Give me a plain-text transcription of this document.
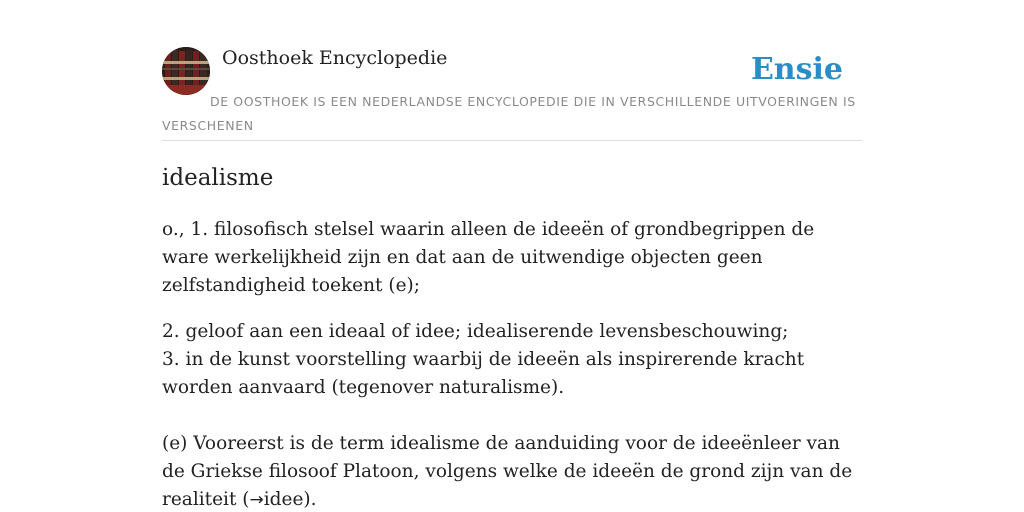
Oosthoek Encyclopedie	Ensie
DE OOSTHOEK IS EEN NEDERLANDSE ENCYCLOPEDIE DIE IN VERSCHILLENDE UITVOERINGEN IS VERSCHENEN
idealisme

o., 1. filosofisch stelsel waarin alleen de ideeën of grondbegrippen de ware werkelijkheid zijn en dat aan de uitwendige objecten geen zelfstandigheid toekent (e);

2. geloof aan een ideaal of idee; idealiserende levensbeschouwing;
3. in de kunst voorstelling waarbij de ideeën als inspirerende kracht worden aanvaard (tegenover naturalisme).

(e) Vooreerst is de term idealisme de aanduiding voor de ideeënleer van de Griekse filosoof Platoon, volgens welke de ideeën de grond zijn van de realiteit (→idee).
